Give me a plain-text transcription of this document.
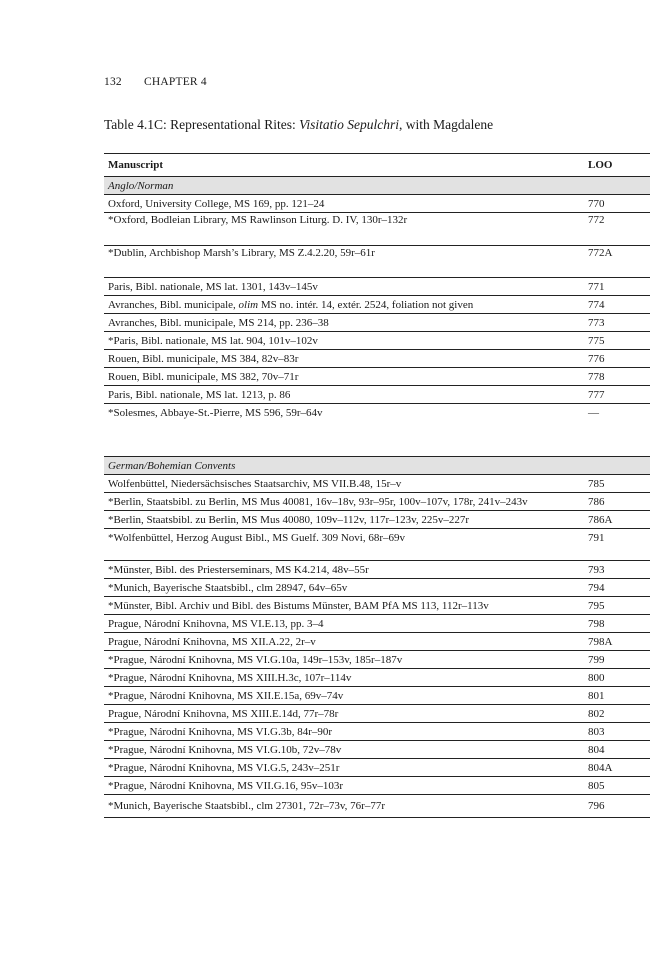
132 CHAPTER 4
Table 4.1C: Representational Rites: Visitatio Sepulchri, with Magdalene
Manuscript	LOO
Anglo/Norman
Oxford, University College, MS 169, pp. 121–24	770
*Oxford, Bodleian Library, MS Rawlinson Liturg. D. IV, 130r–132r	772
*Dublin, Archbishop Marsh’s Library, MS Z.4.2.20, 59r–61r	772A
Paris, Bibl. nationale, MS lat. 1301, 143v–145v	771
Avranches, Bibl. municipale, olim MS no. intér. 14, extér. 2524, foliation not given	774
Avranches, Bibl. municipale, MS 214, pp. 236–38	773
*Paris, Bibl. nationale, MS lat. 904, 101v–102v	775
Rouen, Bibl. municipale, MS 384, 82v–83r	776
Rouen, Bibl. municipale, MS 382, 70v–71r	778
Paris, Bibl. nationale, MS lat. 1213, p. 86	777
*Solesmes, Abbaye-St.-Pierre, MS 596, 59r–64v	—
German/Bohemian Convents
Wolfenbüttel, Niedersächsisches Staatsarchiv, MS VII.B.48, 15r–v	785
*Berlin, Staatsbibl. zu Berlin, MS Mus 40081, 16v–18v, 93r–95r, 100v–107v, 178r, 241v–243v	786
*Berlin, Staatsbibl. zu Berlin, MS Mus 40080, 109v–112v, 117r–123v, 225v–227r	786A
*Wolfenbüttel, Herzog August Bibl., MS Guelf. 309 Novi, 68r–69v	791
*Münster, Bibl. des Priesterseminars, MS K4.214, 48v–55r	793
*Munich, Bayerische Staatsbibl., clm 28947, 64v–65v	794
*Münster, Bibl. Archiv und Bibl. des Bistums Münster, BAM PfA MS 113, 112r–113v	795
Prague, Národní Knihovna, MS VI.E.13, pp. 3–4	798
Prague, Národní Knihovna, MS XII.A.22, 2r–v	798A
*Prague, Národní Knihovna, MS VI.G.10a, 149r–153v, 185r–187v	799
*Prague, Národní Knihovna, MS XIII.H.3c, 107r–114v	800
*Prague, Národní Knihovna, MS XII.E.15a, 69v–74v	801
Prague, Národní Knihovna, MS XIII.E.14d, 77r–78r	802
*Prague, Národní Knihovna, MS VI.G.3b, 84r–90r	803
*Prague, Národní Knihovna, MS VI.G.10b, 72v–78v	804
*Prague, Národní Knihovna, MS VI.G.5, 243v–251r	804A
*Prague, Národní Knihovna, MS VII.G.16, 95v–103r	805
*Munich, Bayerische Staatsbibl., clm 27301, 72r–73v, 76r–77r	796
